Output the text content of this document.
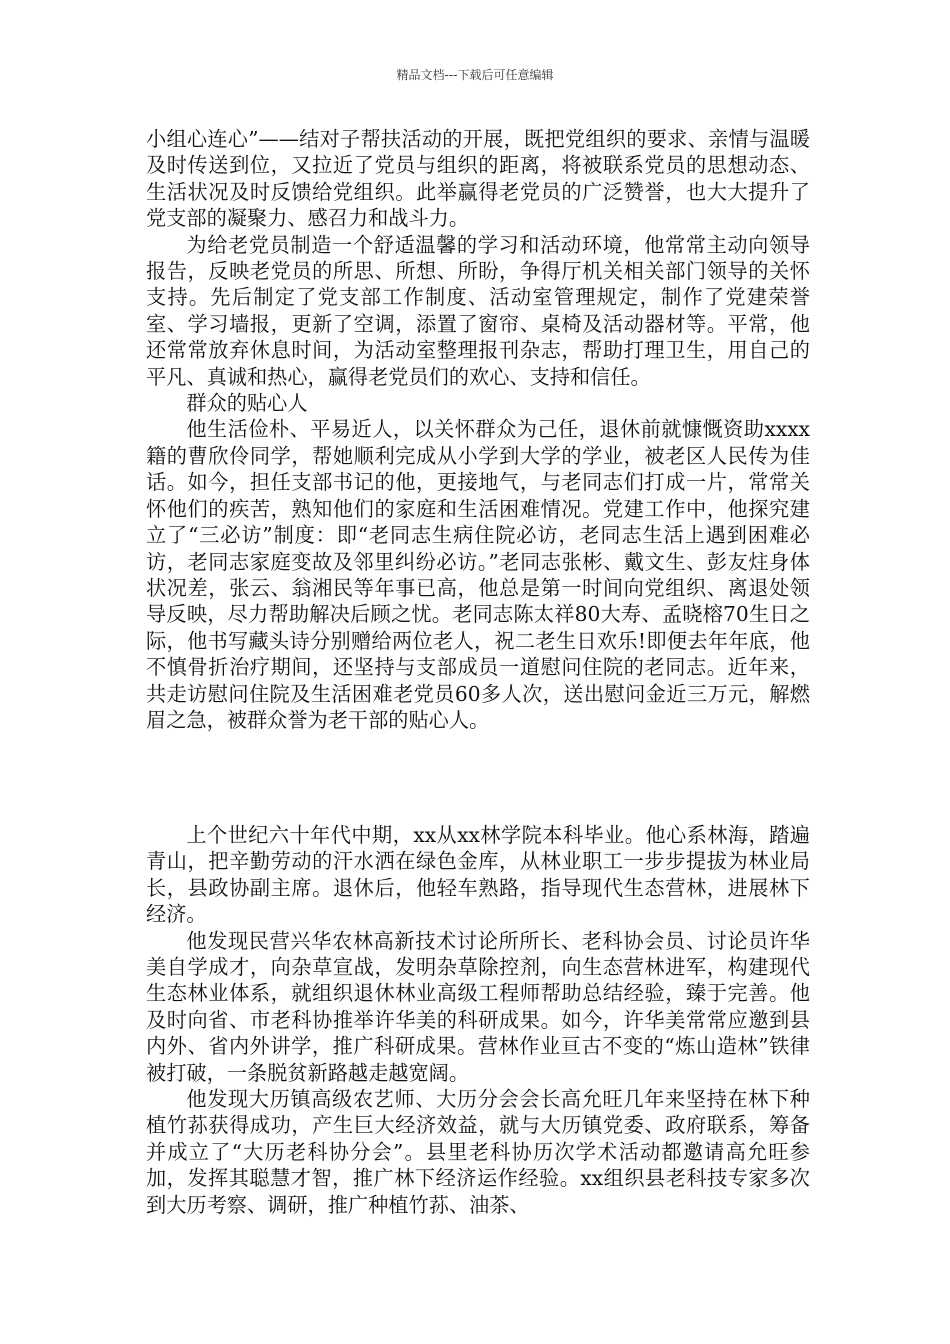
精品文档---下载后可任意编辑

小组心连心”——结对子帮扶活动的开展，既把党组织的要求、亲情与温暖及时传送到位，又拉近了党员与组织的距离，将被联系党员的思想动态、生活状况及时反馈给党组织。此举赢得老党员的广泛赞誉，也大大提升了党支部的凝聚力、感召力和战斗力。

为给老党员制造一个舒适温馨的学习和活动环境，他常常主动向领导报告，反映老党员的所思、所想、所盼，争得厅机关相关部门领导的关怀支持。先后制定了党支部工作制度、活动室管理规定，制作了党建荣誉室、学习墙报，更新了空调，添置了窗帘、桌椅及活动器材等。平常，他还常常放弃休息时间，为活动室整理报刊杂志，帮助打理卫生，用自己的平凡、真诚和热心，赢得老党员们的欢心、支持和信任。

群众的贴心人

他生活俭朴、平易近人，以关怀群众为己任，退休前就慷慨资助xxxx籍的曹欣伶同学，帮她顺利完成从小学到大学的学业，被老区人民传为佳话。如今，担任支部书记的他，更接地气，与老同志们打成一片，常常关怀他们的疾苦，熟知他们的家庭和生活困难情况。党建工作中，他探究建立了“三必访”制度：即“老同志生病住院必访，老同志生活上遇到困难必访，老同志家庭变故及邻里纠纷必访。”老同志张彬、戴文生、彭友炷身体状况差，张云、翁湘民等年事已高，他总是第一时间向党组织、离退处领导反映，尽力帮助解决后顾之忧。老同志陈太祥80大寿、孟晓榕70生日之际，他书写藏头诗分别赠给两位老人，祝二老生日欢乐!即便去年年底，他不慎骨折治疗期间，还坚持与支部成员一道慰问住院的老同志。近年来，共走访慰问住院及生活困难老党员60多人次，送出慰问金近三万元，解燃眉之急，被群众誉为老干部的贴心人。

上个世纪六十年代中期，xx从xx林学院本科毕业。他心系林海，踏遍青山，把辛勤劳动的汗水洒在绿色金库，从林业职工一步步提拔为林业局长，县政协副主席。退休后，他轻车熟路，指导现代生态营林，进展林下经济。

他发现民营兴华农林高新技术讨论所所长、老科协会员、讨论员许华美自学成才，向杂草宣战，发明杂草除控剂，向生态营林进军，构建现代生态林业体系，就组织退休林业高级工程师帮助总结经验，臻于完善。他及时向省、市老科协推举许华美的科研成果。如今，许华美常常应邀到县内外、省内外讲学，推广科研成果。营林作业亘古不变的“炼山造林”铁律被打破，一条脱贫新路越走越宽阔。

他发现大历镇高级农艺师、大历分会会长高允旺几年来坚持在林下种植竹荪获得成功，产生巨大经济效益，就与大历镇党委、政府联系，筹备并成立了“大历老科协分会”。县里老科协历次学术活动都邀请高允旺参加，发挥其聪慧才智，推广林下经济运作经验。xx组织县老科技专家多次到大历考察、调研，推广种植竹荪、油茶、
